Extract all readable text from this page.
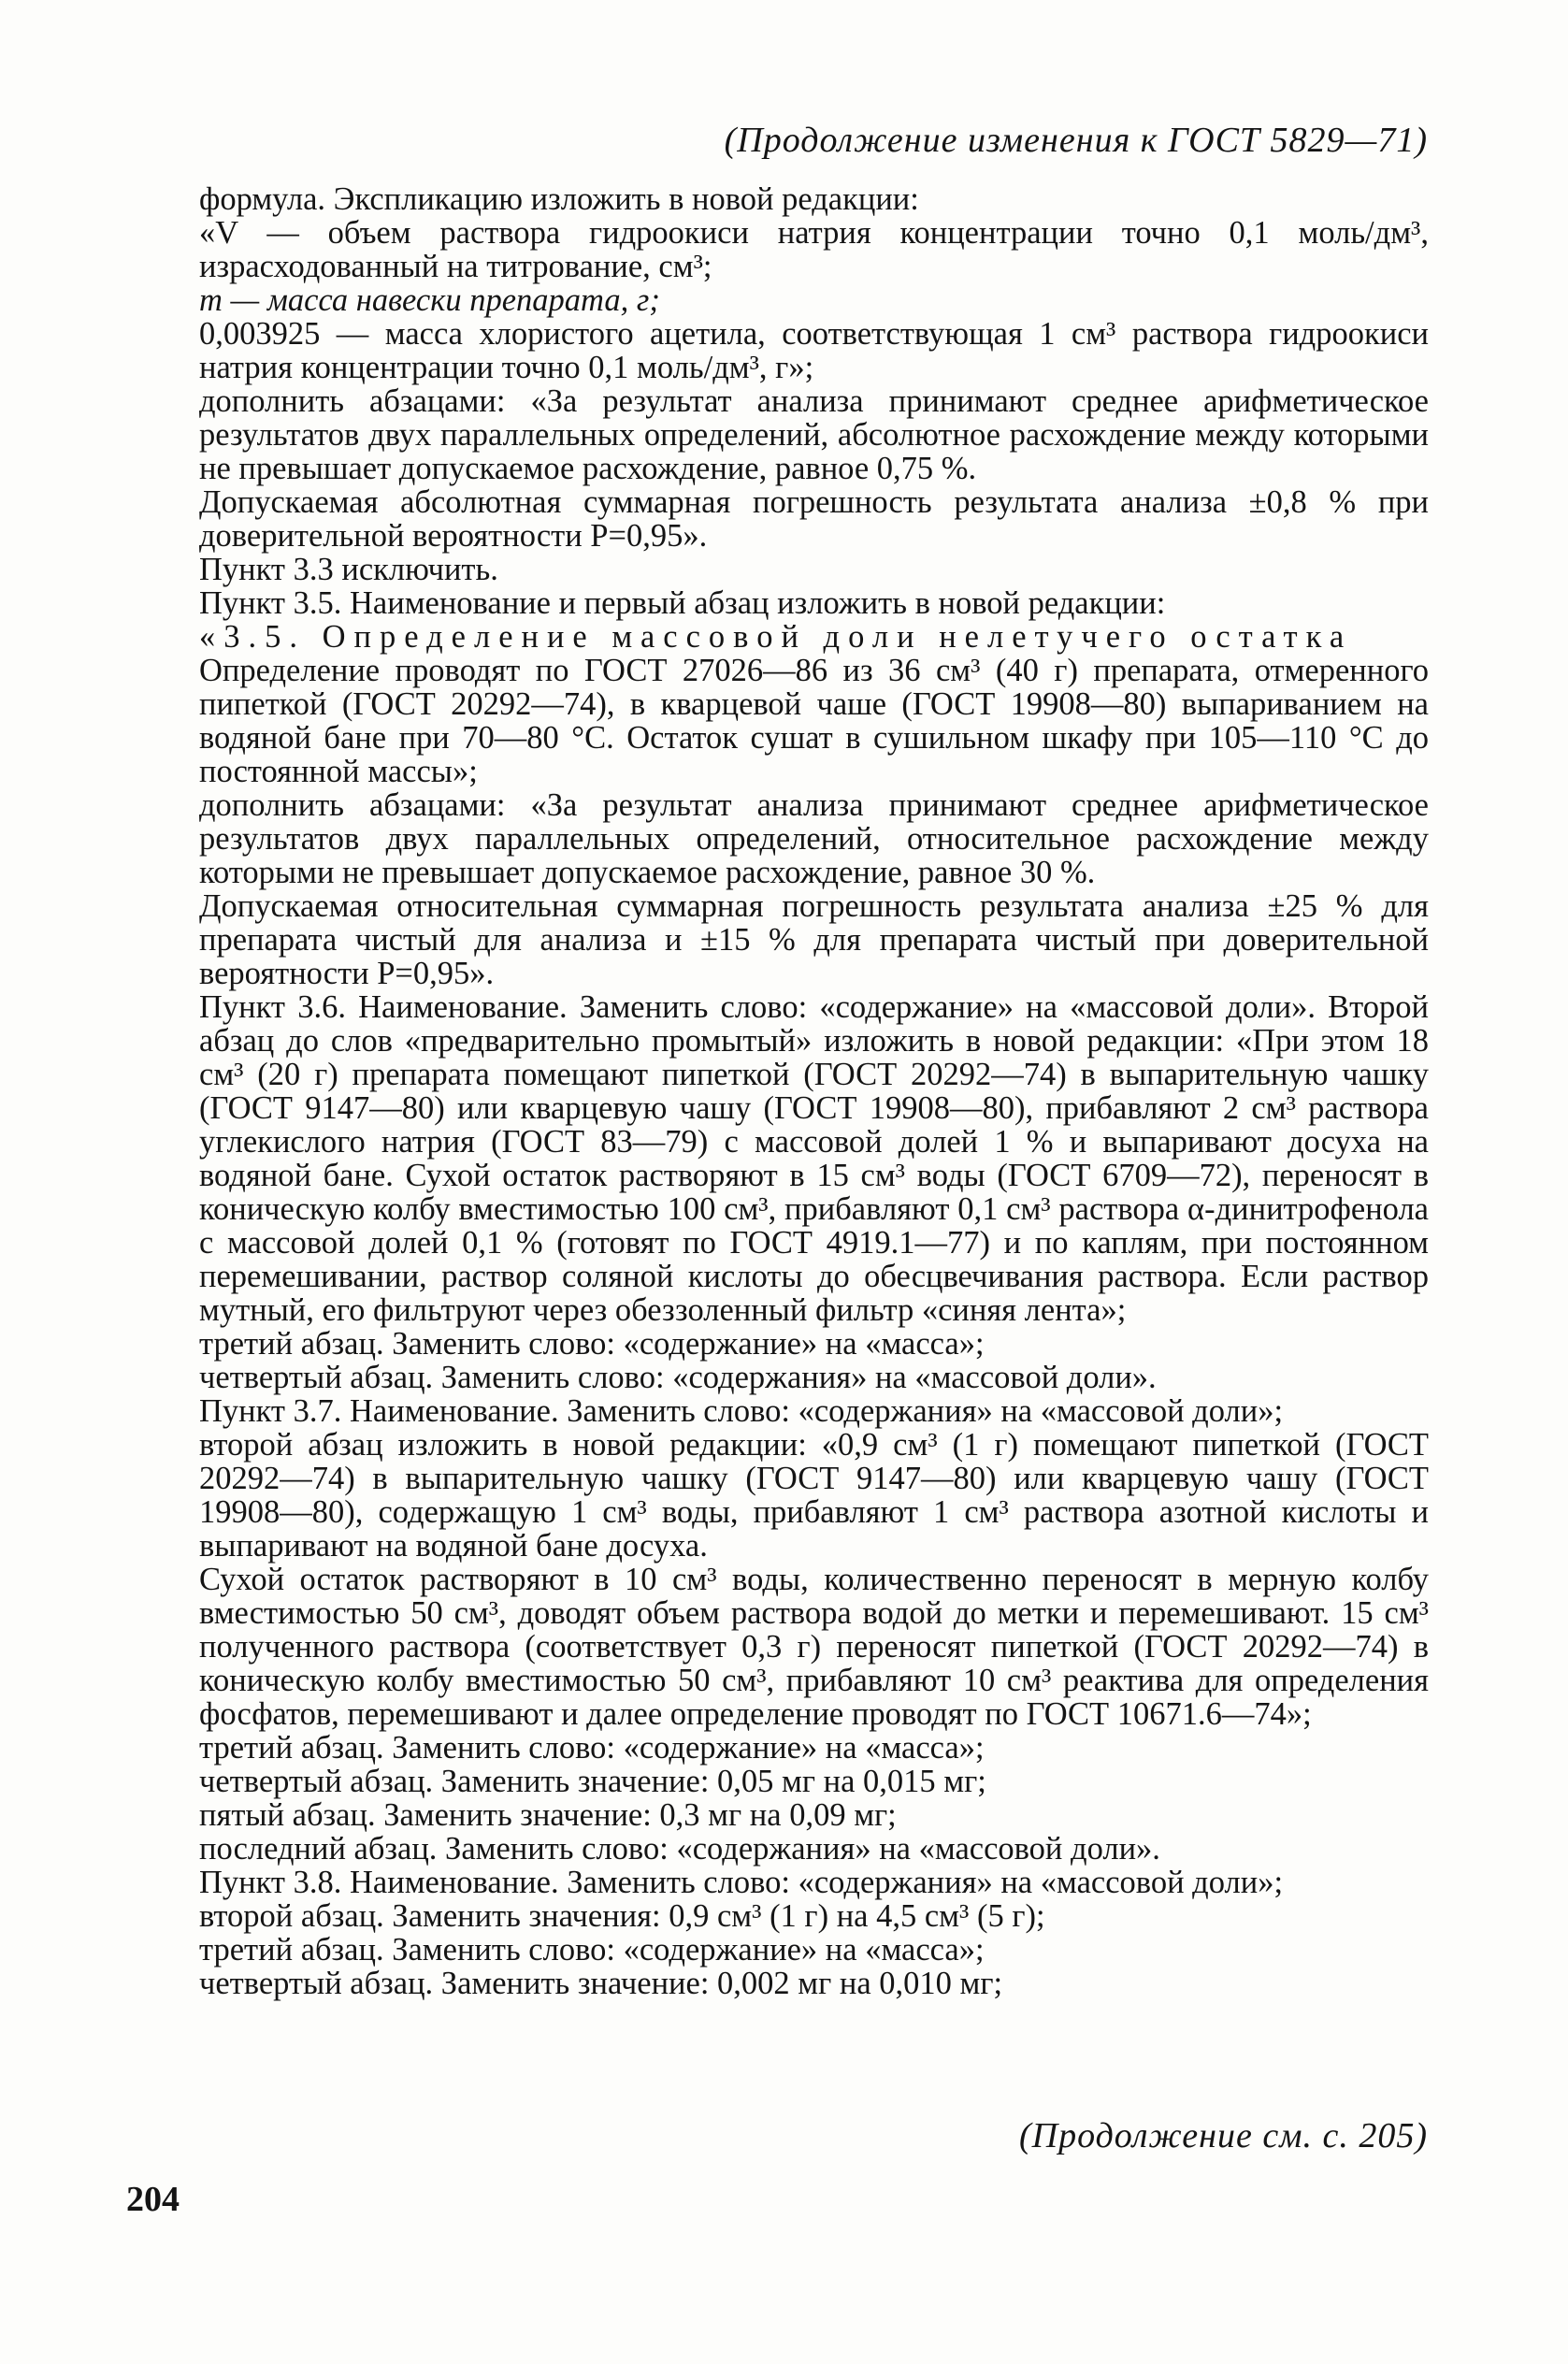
(Продолжение изменения к ГОСТ 5829—71)

формула. Экспликацию изложить в новой редакции:

«V — объем раствора гидроокиси натрия концентрации точно 0,1 моль/дм³, израсходованный на титрование, см³;

m — масса навески препарата, г;

0,003925 — масса хлористого ацетила, соответствующая 1 см³ раствора гидроокиси натрия концентрации точно 0,1 моль/дм³, г»;

дополнить абзацами: «За результат анализа принимают среднее арифметическое результатов двух параллельных определений, абсолютное расхождение между которыми не превышает допускаемое расхождение, равное 0,75 %.

Допускаемая абсолютная суммарная погрешность результата анализа ±0,8 % при доверительной вероятности P=0,95».

Пункт 3.3 исключить.

Пункт 3.5. Наименование и первый абзац изложить в новой редакции:

«3.5. Определение массовой доли нелетучего остатка

Определение проводят по ГОСТ 27026—86 из 36 см³ (40 г) препарата, отмеренного пипеткой (ГОСТ 20292—74), в кварцевой чаше (ГОСТ 19908—80) выпариванием на водяной бане при 70—80 °С. Остаток сушат в сушильном шкафу при 105—110 °С до постоянной массы»;

дополнить абзацами: «За результат анализа принимают среднее арифметическое результатов двух параллельных определений, относительное расхождение между которыми не превышает допускаемое расхождение, равное 30 %.

Допускаемая относительная суммарная погрешность результата анализа ±25 % для препарата чистый для анализа и ±15 % для препарата чистый при доверительной вероятности P=0,95».

Пункт 3.6. Наименование. Заменить слово: «содержание» на «массовой доли». Второй абзац до слов «предварительно промытый» изложить в новой редакции: «При этом 18 см³ (20 г) препарата помещают пипеткой (ГОСТ 20292—74) в выпарительную чашку (ГОСТ 9147—80) или кварцевую чашу (ГОСТ 19908—80), прибавляют 2 см³ раствора углекислого натрия (ГОСТ 83—79) с массовой долей 1 % и выпаривают досуха на водяной бане. Сухой остаток растворяют в 15 см³ воды (ГОСТ 6709—72), переносят в коническую колбу вместимостью 100 см³, прибавляют 0,1 см³ раствора α-динитрофенола с массовой долей 0,1 % (готовят по ГОСТ 4919.1—77) и по каплям, при постоянном перемешивании, раствор соляной кислоты до обесцвечивания раствора. Если раствор мутный, его фильтруют через обеззоленный фильтр «синяя лента»;

третий абзац. Заменить слово: «содержание» на «масса»;

четвертый абзац. Заменить слово: «содержания» на «массовой доли».

Пункт 3.7. Наименование. Заменить слово: «содержания» на «массовой доли»;

второй абзац изложить в новой редакции: «0,9 см³ (1 г) помещают пипеткой (ГОСТ 20292—74) в выпарительную чашку (ГОСТ 9147—80) или кварцевую чашу (ГОСТ 19908—80), содержащую 1 см³ воды, прибавляют 1 см³ раствора азотной кислоты и выпаривают на водяной бане досуха.

Сухой остаток растворяют в 10 см³ воды, количественно переносят в мерную колбу вместимостью 50 см³, доводят объем раствора водой до метки и перемешивают. 15 см³ полученного раствора (соответствует 0,3 г) переносят пипеткой (ГОСТ 20292—74) в коническую колбу вместимостью 50 см³, прибавляют 10 см³ реактива для определения фосфатов, перемешивают и далее определение проводят по ГОСТ 10671.6—74»;

третий абзац. Заменить слово: «содержание» на «масса»;

четвертый абзац. Заменить значение: 0,05 мг на 0,015 мг;

пятый абзац. Заменить значение: 0,3 мг на 0,09 мг;

последний абзац. Заменить слово: «содержания» на «массовой доли».

Пункт 3.8. Наименование. Заменить слово: «содержания» на «массовой доли»;

второй абзац. Заменить значения: 0,9 см³ (1 г) на 4,5 см³ (5 г);

третий абзац. Заменить слово: «содержание» на «масса»;

четвертый абзац. Заменить значение: 0,002 мг на 0,010 мг;

(Продолжение см. с. 205)
204
